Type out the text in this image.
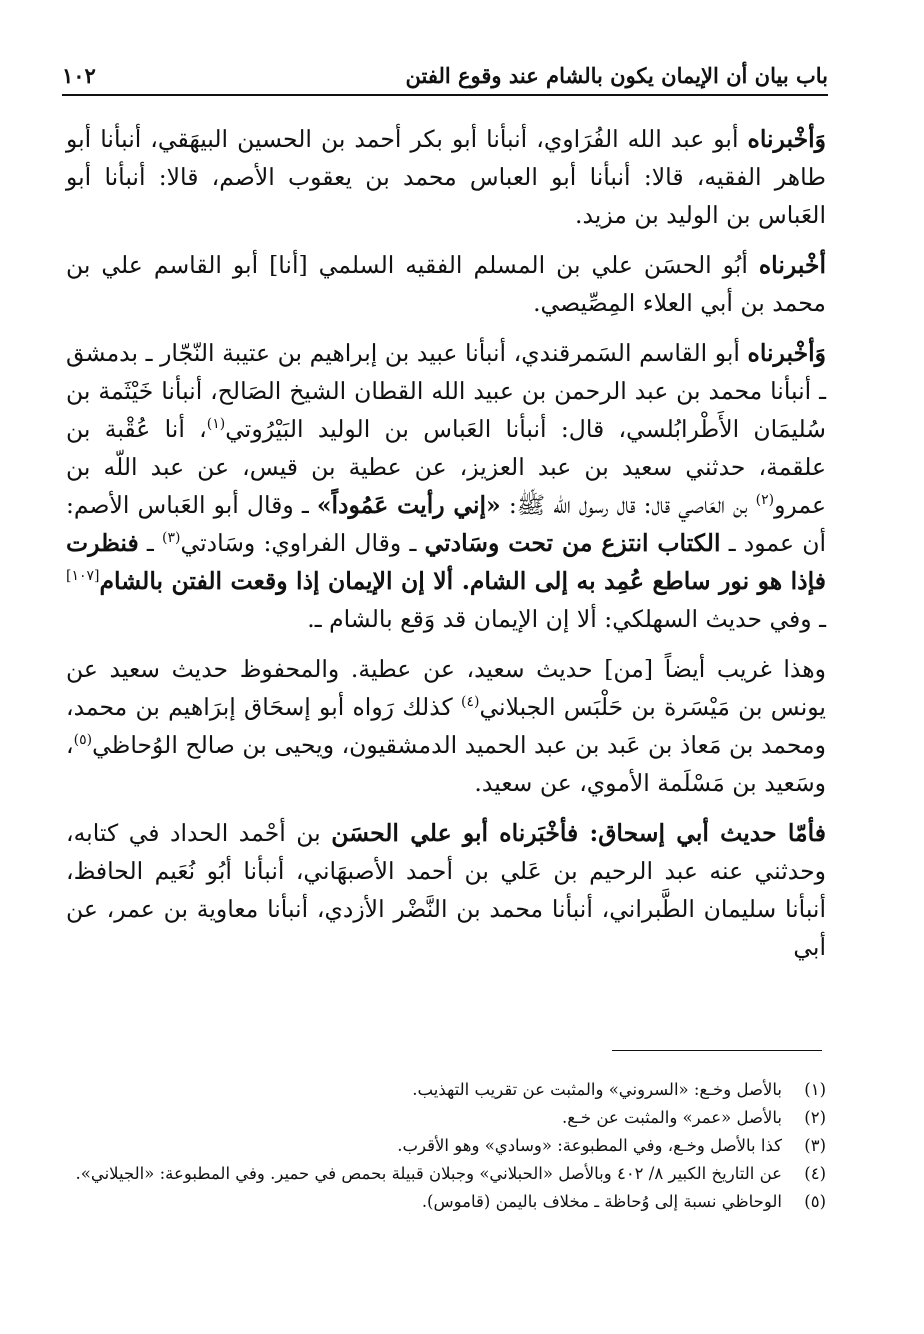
باب بيان أن الإيمان يكون بالشام عند وقوع الفتن
١٠٢

وَأخْبرناه أبو عبد الله الفُرَاوي، أنبأنا أبو بكر أحمد بن الحسين البيهَقي، أنبأنا أبو طاهر الفقيه، قالا: أنبأنا أبو العباس محمد بن يعقوب الأصم، قالا: أنبأنا أبو العَباس بن الوليد بن مزيد.

أخْبرناه أبُو الحسَن علي بن المسلم الفقيه السلمي [أنا] أبو القاسم علي بن محمد بن أبي العلاء المِصِّيصي.

وَأخْبرناه أبو القاسم السَمرقندي، أنبأنا عبيد بن إبراهيم بن عتيبة النّجّار ـ بدمشق ـ أنبأنا محمد بن عبد الرحمن بن عبيد الله القطان الشيخ الصَالح، أنبأنا خَيْثَمة بن سُليمَان الأَطْرابُلسي، قال: أنبأنا العَباس بن الوليد البَيْرُوتي$^{(١)}$، أنا عُقْبة بن علقمة، حدثني سعيد بن عبد العزيز، عن عطية بن قيس، عن عبد اللّه بن عمرو$^{(٢)}$ بن العَاصي قال: قال رسول الله ﷺ: «إني رأيت عَمُوداً» ـ وقال أبو العَباس الأصم: أن عمود ـ الكتاب انتزع من تحت وسَادتي ـ وقال الفراوي: وسَادتي$^{(٣)}$ ـ فنظرت فإذا هو نور ساطع عُمِد به إلى الشام. ألا إن الإيمان إذا وقعت الفتن بالشام[١٠٧] ـ وفي حديث السهلكي: ألا إن الإيمان قد وَقع بالشام ـ.

وهذا غريب أيضاً [من] حديث سعيد، عن عطية. والمحفوظ حديث سعيد عن يونس بن مَيْسَرة بن حَلْبَس الجبلاني$^{(٤)}$ كذلك رَواه أبو إسحَاق إبرَاهيم بن محمد، ومحمد بن مَعاذ بن عَبد بن عبد الحميد الدمشقيون، ويحيى بن صالح الوُحاظي$^{(٥)}$، وسَعيد بن مَسْلَمة الأموي، عن سعيد.

فأمّا حديث أبي إسحاق: فأخْبَرناه أبو علي الحسَن بن أحْمد الحداد في كتابه، وحدثني عنه عبد الرحيم بن عَلي بن أحمد الأصبهَاني، أنبأنا أبُو نُعَيم الحافظ، أنبأنا سليمان الطَّبراني، أنبأنا محمد بن النَّضْر الأزدي، أنبأنا معاوية بن عمر، عن أبي

(١)
بالأصل وخـع: «السروني» والمثبت عن تقريب التهذيب.
(٢)
بالأصل «عمر» والمثبت عن خـع.
(٣)
كذا بالأصل وخـع، وفي المطبوعة: «وسادي» وهو الأقرب.
(٤)
عن التاريخ الكبير ٨/ ٤٠٢ وبالأصل «الحبلاني» وجبلان قبيلة بحمص في حمير. وفي المطبوعة: «الجيلاني».
(٥)
الوحاظي نسبة إلى وُحاظة ـ مخلاف باليمن (قاموس).
